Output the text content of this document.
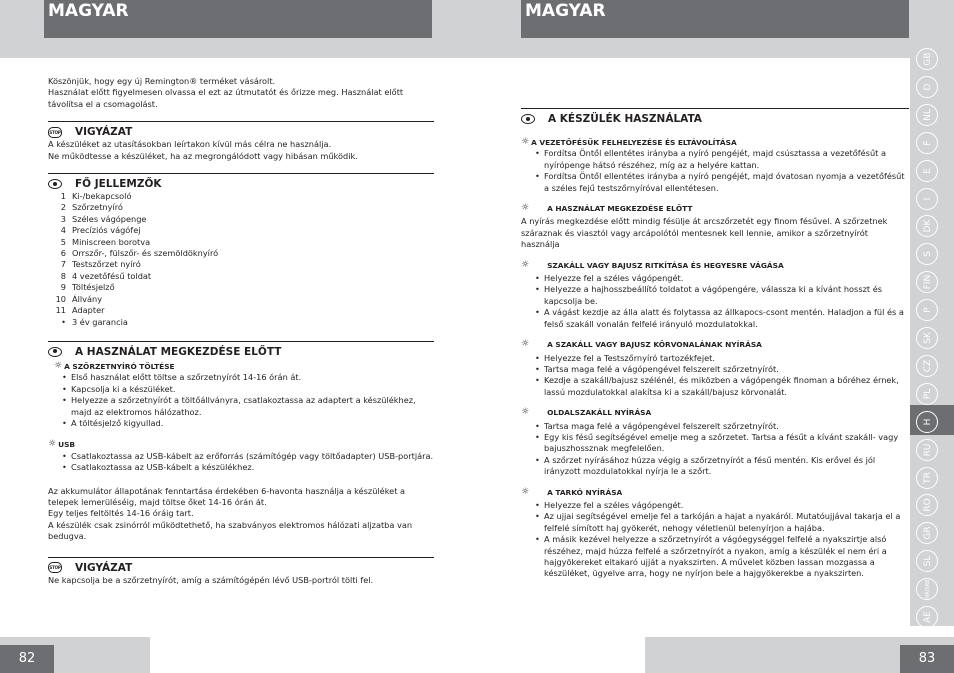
MAGYAR

Köszönjük, hogy egy új Remington® terméket vásárolt.

Használat előtt figyelmesen olvassa el ezt az útmutatót és őrizze meg. Használat előtt

távolítsa el a csomagolást.

STOP VIGYÁZAT

A készüléket az utasításokban leírtakon kívül más célra ne használja.

Ne működtesse a készüléket, ha az megrongálódott vagy hibásan működik.

FŐ JELLEMZŐK
1 Ki-/bekapcsoló
2 Szőrzetnyíró
3 Széles vágópenge
4 Precíziós vágófej
5 Miniscreen borotva
6 Orrszőr-, fülszőr- és szemöldöknyíró
7 Testszőrzet nyíró
8 4 vezetőfésű toldat
9 Töltésjelző
10 Állvány
11 Adapter
• 3 év garancia
A HASZNÁLAT MEGKEZDÉSE ELŐTT
☼ A SZŐRZETNYÍRÓ TÖLTÉSE
• Első használat előtt töltse a szőrzetnyírót 14-16 órán át.
• Kapcsolja ki a készüléket.
• Helyezze a szőrzetnyírót a töltőállványra, csatlakoztassa az adaptert a készülékhez, majd az elektromos hálózathoz.
• A töltésjelző kigyullad.
☼ USB
• Csatlakoztassa az USB-kábelt az erőforrás (számítógép vagy töltőadapter) USB-portjára.
• Csatlakoztassa az USB-kábelt a készülékhez.

Az akkumulátor állapotának fenntartása érdekében 6-havonta használja a készüléket a

telepek lemerüléséig, majd töltse őket 14-16 órán át.

Egy teljes feltöltés 14-16 óráig tart.

A készülék csak zsinórról működtethető, ha szabványos elektromos hálózati aljzatba van

bedugva.

STOP VIGYÁZAT

Ne kapcsolja be a szőrzetnyírót, amíg a számítógépén lévő USB-portról tölti fel.

82
MAGYAR
A KÉSZÜLÉK HASZNÁLATA
☼ A VEZETŐFÉSŰK FELHELYEZÉSE ÉS ELTÁVOLÍTÁSA
• Fordítsa Öntől ellentétes irányba a nyíró pengéjét, majd csúsztassa a vezetőfésűt a nyírópenge hátsó részéhez, míg az a helyére kattan.
• Fordítsa Öntől ellentétes irányba a nyíró pengéjét, majd óvatosan nyomja a vezetőfésűt a széles fejű testszőrnyíróval ellentétesen.
☼ A HASZNÁLAT MEGKEZDÉSE ELŐTT

A nyírás megkezdése előtt mindig fésülje át arcszőrzetét egy finom fésűvel. A szőrzetnek száraznak és viasztól vagy arcápolótól mentesnek kell lennie, amikor a szőrzetnyírót használja

☼ SZAKÁLL VAGY BAJUSZ RITKÍTÁSA ÉS HEGYESRE VÁGÁSA
• Helyezze fel a széles vágópengét.
• Helyezze a hajhosszbeállító toldatot a vágópengére, válassza ki a kívánt hosszt és kapcsolja be.
• A vágást kezdje az álla alatt és folytassa az állkapocs-csont mentén. Haladjon a fül és a felső szakáll vonalán felfelé irányuló mozdulatokkal.
☼ A SZAKÁLL VAGY BAJUSZ KÖRVONALÁNAK NYÍRÁSA
• Helyezze fel a Testszőrnyíró tartozékfejet.
• Tartsa maga felé a vágópengével felszerelt szőrzetnyírót.
• Kezdje a szakáll/bajusz szélénél, és miközben a vágópengék finoman a bőréhez érnek, lassú mozdulatokkal alakítsa ki a szakáll/bajusz körvonalát.
☼ OLDALSZAKÁLL NYÍRÁSA
• Tartsa maga felé a vágópengével felszerelt szőrzetnyírót.
• Egy kis fésű segítségével emelje meg a szőrzetet. Tartsa a fésűt a kívánt szakáll- vagy bajuszhossznak megfelelően.
• A szőrzet nyírásához húzza végig a szőrzetnyírót a fésű mentén. Kis erővel és jól irányzott mozdulatokkal nyírja le a szőrt.
☼ A TARKÓ NYÍRÁSA
• Helyezze fel a széles vágópengét.
• Az ujjai segítségével emelje fel a tarkóján a hajat a nyakáról. Mutatóujjával takarja el a felfelé símított haj gyökerét, nehogy véletlenül belenyírjon a hajába.
• A másik kezével helyezze a szőrzetnyírót a vágóegységgel felfelé a nyakszirtje alsó részéhez, majd húzza felfelé a szőrzetnyírót a nyakon, amíg a készülék el nem éri a hajgyökereket eltakaró ujját a nyakszirten. A művelet közben lassan mozgassa a készüléket, ügyelve arra, hogy ne nyírjon bele a hajgyökerekbe a nyakszirten.
GB
D
NL
F
E
I
DK
S
FIN
P
SK
CZ
PL
H
RU
TR
RO
GR
SL
HR/SRB
AE
83
